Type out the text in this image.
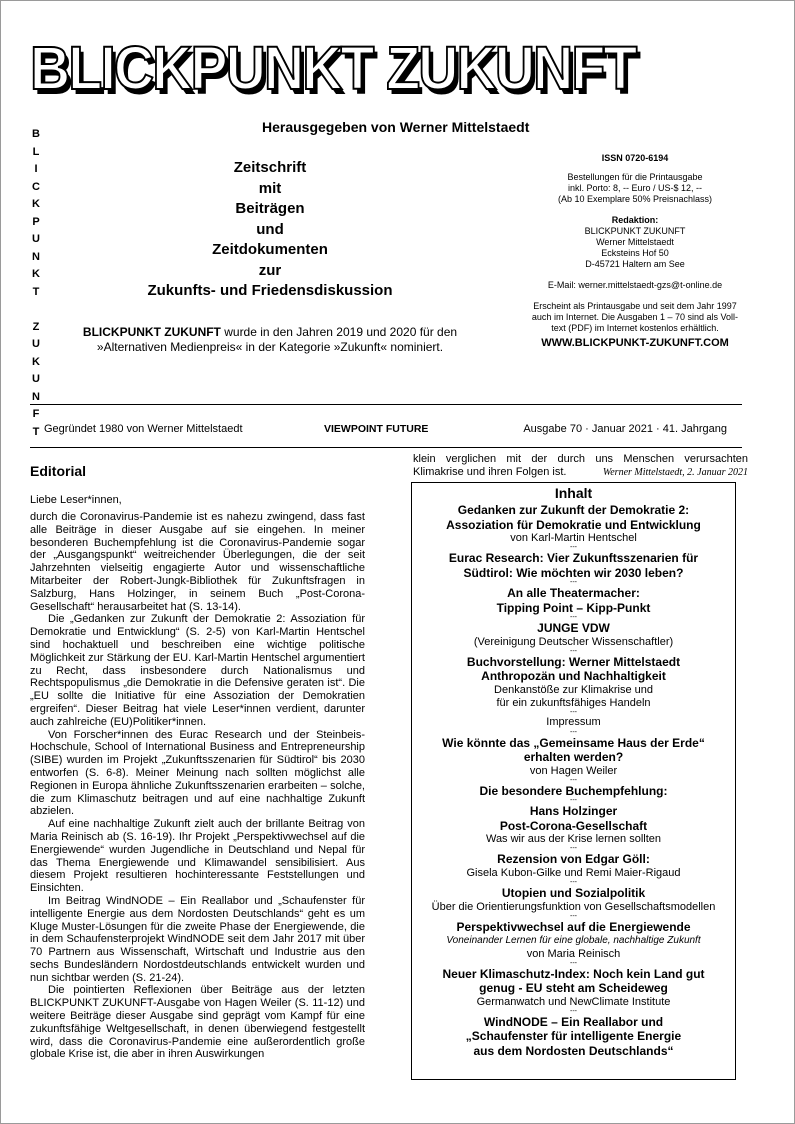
BLICKPUNKT ZUKUNFT
Herausgegeben von Werner Mittelstaedt
B
L
I
C
K
P
U
N
K
T
Z
U
K
U
N
F
T
Zeitschrift
mit
Beiträgen
und
Zeitdokumenten
zur
Zukunfts- und Friedensdiskussion
BLICKPUNKT ZUKUNFT wurde in den Jahren 2019 und 2020 für den
»Alternativen Medienpreis« in der Kategorie »Zukunft« nominiert.
ISSN 0720-6194
Bestellungen für die Printausgabe
inkl. Porto: 8, -- Euro / US-$ 12, --
(Ab 10 Exemplare 50% Preisnachlass)
Redaktion:
BLICKPUNKT ZUKUNFT
Werner Mittelstaedt
Ecksteins Hof 50
D-45721 Haltern am See
E-Mail: werner.mittelstaedt-gzs@t-online.de
Erscheint als Printausgabe und seit dem Jahr 1997
auch im Internet. Die Ausgaben 1 – 70 sind als Voll-
text (PDF) im Internet kostenlos erhältlich.
WWW.BLICKPUNKT-ZUKUNFT.COM
Gegründet 1980 von Werner Mittelstaedt	VIEWPOINT FUTURE	Ausgabe 70 · Januar 2021 · 41. Jahrgang
Editorial
Liebe Leser*innen,

durch die Coronavirus-Pandemie ist es nahezu zwingend, dass fast alle Beiträge in dieser Ausgabe auf sie eingehen. In meiner besonderen Buchempfehlung ist die Coronavirus-Pandemie sogar der „Ausgangspunkt“ weitreichender Überlegungen, die der seit Jahrzehnten vielseitig engagierte Autor und wissenschaftliche Mitarbeiter der Robert-Jungk-Bibliothek für Zukunftsfragen in Salzburg, Hans Holzinger, in seinem Buch „Post-Corona-Gesellschaft“ herausarbeitet hat (S. 13-14).

Die „Gedanken zur Zukunft der Demokratie 2: Assoziation für Demokratie und Entwicklung“ (S. 2-5) von Karl-Martin Hentschel sind hochaktuell und beschreiben eine wichtige politische Möglichkeit zur Stärkung der EU. Karl-Martin Hentschel argumentiert zu Recht, dass insbesondere durch Nationalismus und Rechtspopulismus „die Demokratie in die Defensive geraten ist“. Die „EU sollte die Initiative für eine Assoziation der Demokratien ergreifen“. Dieser Beitrag hat viele Leser*innen verdient, darunter auch zahlreiche (EU)Politiker*innen.

Von Forscher*innen des Eurac Research und der Steinbeis-Hochschule, School of International Business and Entrepreneurship (SIBE) wurden im Projekt „Zukunftsszenarien für Südtirol“ bis 2030 entworfen (S. 6-8). Meiner Meinung nach sollten möglichst alle Regionen in Europa ähnliche Zukunftsszenarien erarbeiten – solche, die zum Klimaschutz beitragen und auf eine nachhaltige Zukunft abzielen.

Auf eine nachhaltige Zukunft zielt auch der brillante Beitrag von Maria Reinisch ab (S. 16-19). Ihr Projekt „Perspektivwechsel auf die Energiewende“ wurden Jugendliche in Deutschland und Nepal für das Thema Energiewende und Klimawandel sensibilisiert. Aus diesem Projekt resultieren hochinteressante Feststellungen und Einsichten.

Im Beitrag WindNODE – Ein Reallabor und „Schaufenster für intelligente Energie aus dem Nordosten Deutschlands“ geht es um Kluge Muster-Lösungen für die zweite Phase der Energiewende, die in dem Schaufensterprojekt WindNODE seit dem Jahr 2017 mit über 70 Partnern aus Wissenschaft, Wirtschaft und Industrie aus den sechs Bundesländern Nordostdeutschlands entwickelt wurden und nun sichtbar werden (S. 21-24).

Die pointierten Reflexionen über Beiträge aus der letzten BLICKPUNKT ZUKUNFT-Ausgabe von Hagen Weiler (S. 11-12) und weitere Beiträge dieser Ausgabe sind geprägt vom Kampf für eine zukunftsfähige Weltgesellschaft, in denen überwiegend festgestellt wird, dass die Coronavirus-Pandemie eine außerordentlich große globale Krise ist, die aber in ihren Auswirkungen

klein verglichen mit der durch uns Menschen verursachten Klimakrise und ihren Folgen ist.	Werner Mittelstaedt, 2. Januar 2021
Inhalt
Gedanken zur Zukunft der Demokratie 2:
Assoziation für Demokratie und Entwicklung
von Karl-Martin Hentschel
---
Eurac Research: Vier Zukunftsszenarien für
Südtirol: Wie möchten wir 2030 leben?
---
An alle Theatermacher:
Tipping Point – Kipp-Punkt
---
JUNGE VDW
(Vereinigung Deutscher Wissenschaftler)
---
Buchvorstellung: Werner Mittelstaedt
Anthropozän und Nachhaltigkeit
Denkanstöße zur Klimakrise und
für ein zukunftsfähiges Handeln
---
Impressum
---
Wie könnte das „Gemeinsame Haus der Erde“
erhalten werden?
von Hagen Weiler
---
Die besondere Buchempfehlung:
---
Hans Holzinger
Post-Corona-Gesellschaft
Was wir aus der Krise lernen sollten
---
Rezension von Edgar Göll:
Gisela Kubon-Gilke und Remi Maier-Rigaud
---
Utopien und Sozialpolitik
Über die Orientierungsfunktion von Gesellschaftsmodellen
---
Perspektivwechsel auf die Energiewende
Voneinander Lernen für eine globale, nachhaltige Zukunft
von Maria Reinisch
---
Neuer Klimaschutz-Index: Noch kein Land gut
genug - EU steht am Scheideweg
Germanwatch und NewClimate Institute
---
WindNODE – Ein Reallabor und
„Schaufenster für intelligente Energie
aus dem Nordosten Deutschlands“
